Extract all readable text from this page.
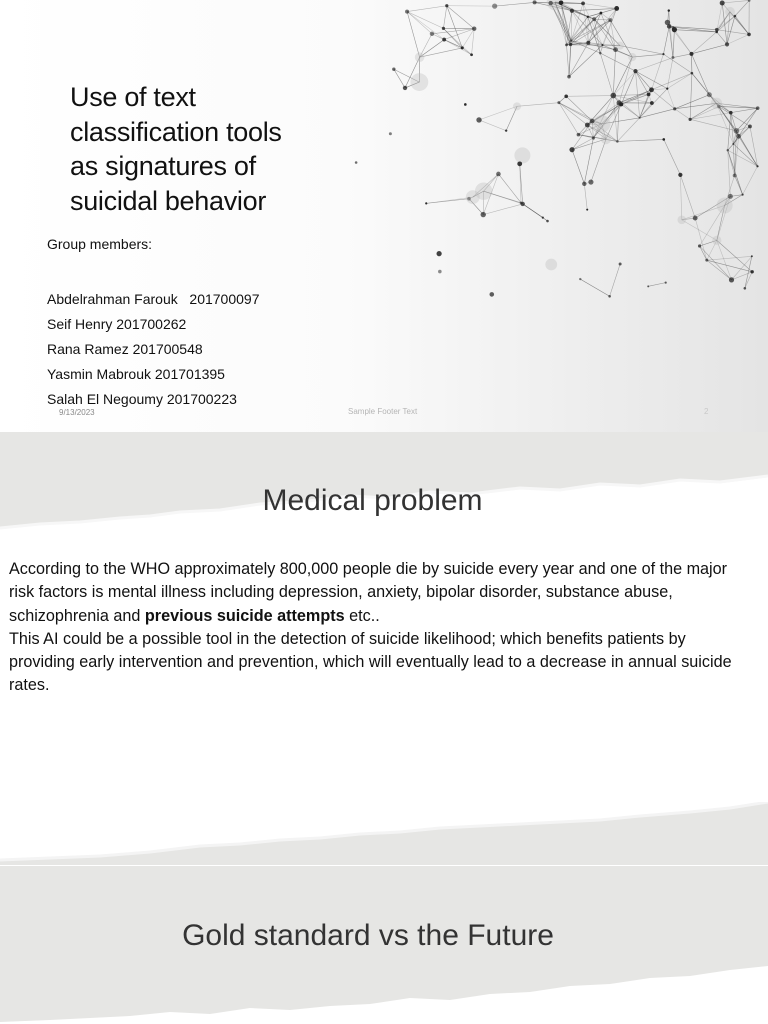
Use of text
classification tools
as signatures of
suicidal behavior
Group members:
Abdelrahman Farouk   201700097
Seif Henry 201700262
Rana Ramez 201700548
Yasmin Mabrouk 201701395
Salah El Negoumy 201700223
9/13/2023	Sample Footer Text	2
Medical problem

According to the WHO approximately 800,000 people die by suicide every year and one of the major risk factors is mental illness including depression, anxiety, bipolar disorder, substance abuse, schizophrenia and previous suicide attempts etc..

This AI could be a possible tool in the detection of suicide likelihood; which benefits patients by providing early intervention and prevention, which will eventually lead to a decrease in annual suicide rates.

Gold standard vs the Future
